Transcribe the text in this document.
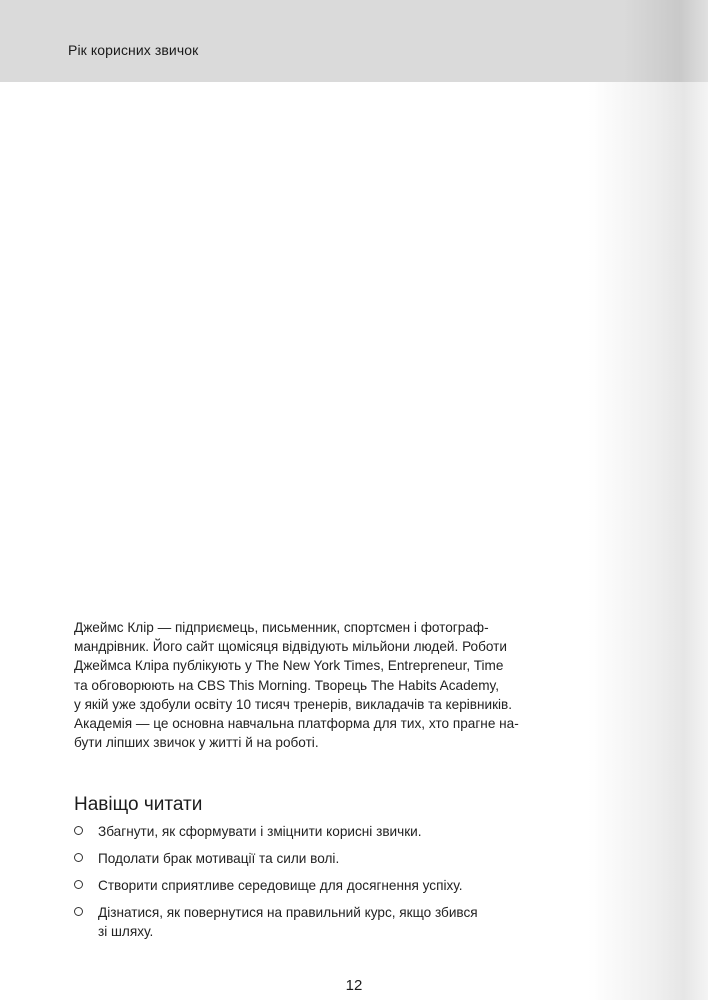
Рік корисних звичок

Джеймс Клір — підприємець, письменник, спортсмен і фотограф-
мандрівник. Його сайт щомісяця відвідують мільйони людей. Роботи
Джеймса Кліра публікують у The New York Times, Entrepreneur, Time
та обговорюють на CBS This Morning. Творець The Habits Academy,
у якій уже здобули освіту 10 тисяч тренерів, викладачів та керівників.
Академія — це основна навчальна платформа для тих, хто прагне на-
бути ліпших звичок у житті й на роботі.

Навіщо читати
Збагнути, як сформувати і зміцнити корисні звички.
Подолати брак мотивації та сили волі.
Створити сприятливе середовище для досягнення успіху.
Дізнатися, як повернутися на правильний курс, якщо збився
зі шляху.
12
